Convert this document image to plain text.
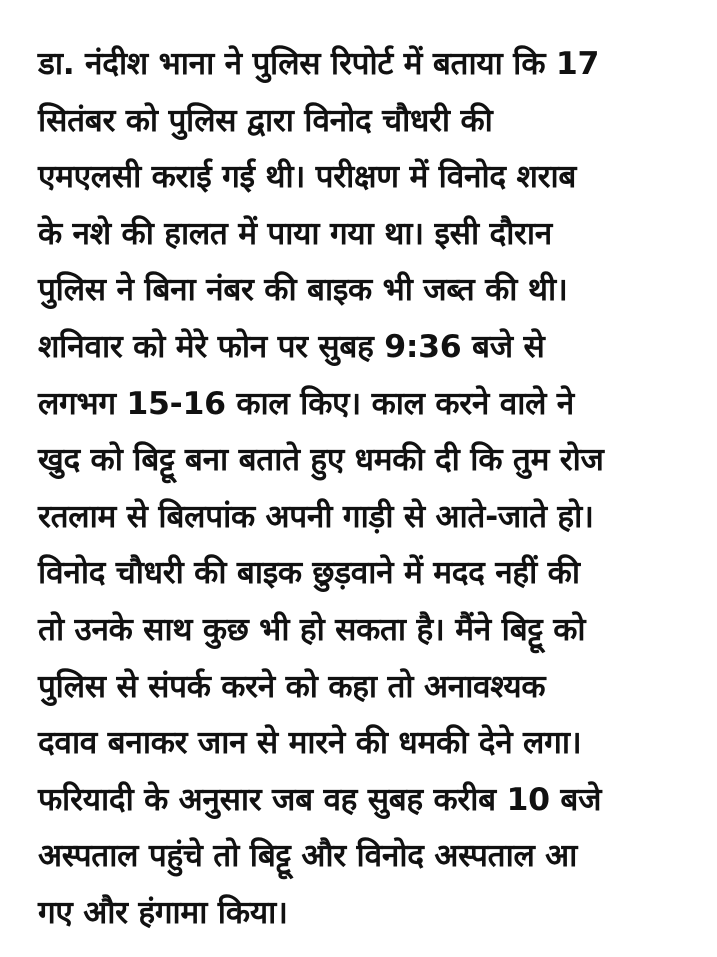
डा. नंदीश भाना ने पुलिस रिपोर्ट में बताया कि 17
सितंबर को पुलिस द्वारा विनोद चौधरी की
एमएलसी कराई गई थी। परीक्षण में विनोद शराब
के नशे की हालत में पाया गया था। इसी दौरान
पुलिस ने बिना नंबर की बाइक भी जब्त की थी।
शनिवार को मेरे फोन पर सुबह 9:36 बजे से
लगभग 15-16 काल किए। काल करने वाले ने
खुद को बिट्टू बना बताते हुए धमकी दी कि तुम रोज
रतलाम से बिलपांक अपनी गाड़ी से आते-जाते हो।
विनोद चौधरी की बाइक छुड़वाने में मदद नहीं की
तो उनके साथ कुछ भी हो सकता है। मैंने बिट्टू को
पुलिस से संपर्क करने को कहा तो अनावश्यक
दवाव बनाकर जान से मारने की धमकी देने लगा।
फरियादी के अनुसार जब वह सुबह करीब 10 बजे
अस्पताल पहुंचे तो बिट्टू और विनोद अस्पताल आ
गए और हंगामा किया।
